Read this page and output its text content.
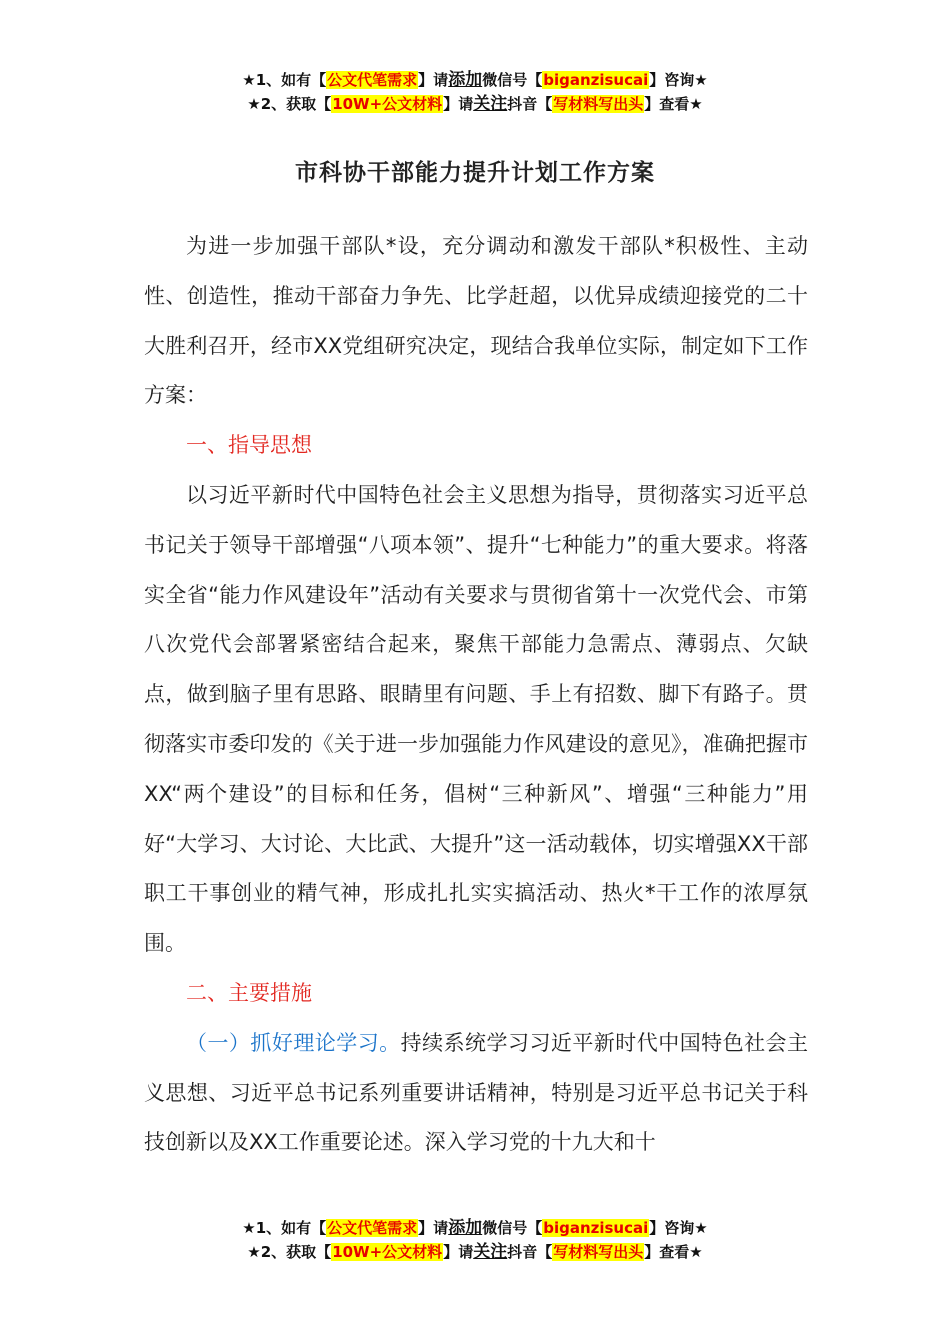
★1、如有【公文代笔需求】请添加微信号【biganzisucai】咨询★
★2、获取【10W+公文材料】请关注抖音【写材料写出头】查看★
市科协干部能力提升计划工作方案

为进一步加强干部队*设，充分调动和激发干部队*积极性、主动性、创造性，推动干部奋力争先、比学赶超，以优异成绩迎接党的二十大胜利召开，经市XX党组研究决定，现结合我单位实际，制定如下工作方案：

一、指导思想

以习近平新时代中国特色社会主义思想为指导，贯彻落实习近平总书记关于领导干部增强“八项本领”、提升“七种能力”的重大要求。将落实全省“能力作风建设年”活动有关要求与贯彻省第十一次党代会、市第八次党代会部署紧密结合起来，聚焦干部能力急需点、薄弱点、欠缺点，做到脑子里有思路、眼睛里有问题、手上有招数、脚下有路子。贯彻落实市委印发的《关于进一步加强能力作风建设的意见》，准确把握市XX“两个建设”的目标和任务，倡树“三种新风”、增强“三种能力”用好“大学习、大讨论、大比武、大提升”这一活动载体，切实增强XX干部职工干事创业的精气神，形成扎扎实实搞活动、热火*干工作的浓厚氛围。

二、主要措施

（一）抓好理论学习。持续系统学习习近平新时代中国特色社会主义思想、习近平总书记系列重要讲话精神，特别是习近平总书记关于科技创新以及XX工作重要论述。深入学习党的十九大和十

★1、如有【公文代笔需求】请添加微信号【biganzisucai】咨询★
★2、获取【10W+公文材料】请关注抖音【写材料写出头】查看★
